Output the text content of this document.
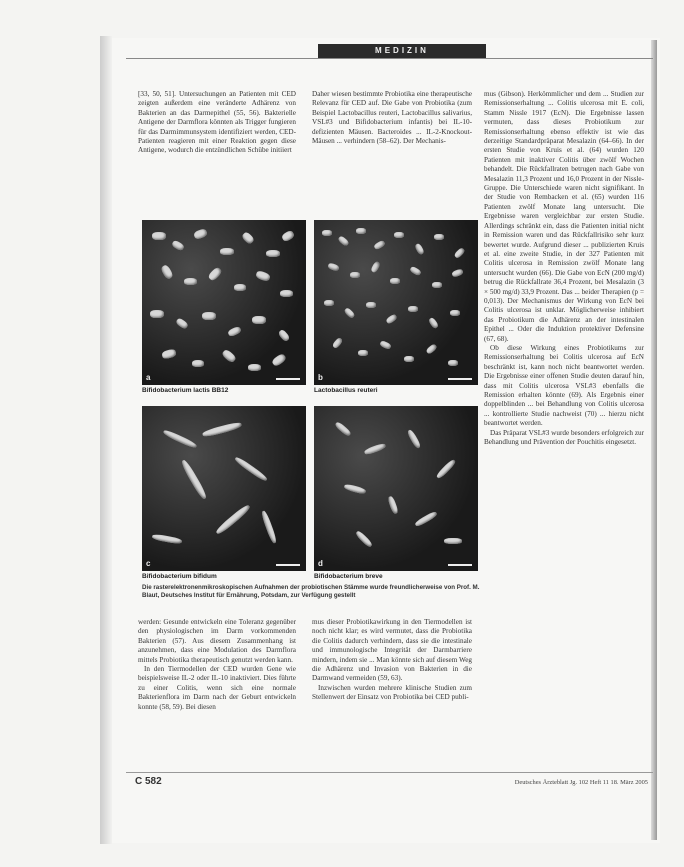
MEDIZIN

[33, 50, 51]. Untersuchungen an Patienten mit CED zeigten außerdem eine veränderte Adhärenz von Bakterien an das Darmepithel (55, 56). Bakterielle Antigene der Darmflora könnten als Trigger fungieren für das Darmimmunsystem identifiziert werden, CED-Patienten reagieren mit einer Reaktion gegen diese Antigene, wodurch die entzündlichen Schübe initiiert

Daher wiesen bestimmte Probiotika eine therapeutische Relevanz für CED auf. Die Gabe von Probiotika (zum Beispiel Lactobacillus reuteri, Lactobacillus salivarius, VSL#3 und Bifidobacterium infantis) bei IL-10-defizienten Mäusen. Bacteroides ... IL-2-Knockout-Mäusen ... verhindern (58–62). Der Mechanis-

mus (Gibson). Herkömmlicher und dem ... Studien zur Remissionserhaltung ... Colitis ulcerosa mit E. coli, Stamm Nissle 1917 (EcN). Die Ergebnisse lassen vermuten, dass dieses Probiotikum zur Remissionserhaltung ebenso effektiv ist wie das derzeitige Standardpräparat Mesalazin (64–66). In der ersten Studie von Kruis et al. (64) wurden 120 Patienten mit inaktiver Colitis über zwölf Wochen behandelt. Die Rückfallraten betrugen nach Gabe von Mesalazin 11,3 Prozent und 16,0 Prozent in der Nissle-Gruppe. Die Unterschiede waren nicht signifikant. In der Studie von Rembacken et al. (65) wurden 116 Patienten zwölf Monate lang untersucht. Die Ergebnisse waren vergleichbar zur ersten Studie. Allerdings schränkt ein, dass die Patienten initial nicht in Remission waren und das Rückfallrisiko sehr kurz bewertet wurde. Aufgrund dieser ... publizierten Kruis et al. eine zweite Studie, in der 327 Patienten mit Colitis ulcerosa in Remission zwölf Monate lang untersucht wurden (66). Die Gabe von EcN (200 mg/d) betrug die Rückfallrate 36,4 Prozent, bei Mesalazin (3 × 500 mg/d) 33,9 Prozent. Das ... beider Therapien (p = 0,013). Der Mechanismus der Wirkung von EcN bei Colitis ulcerosa ist unklar. Möglicherweise inhibiert das Probiotikum die Adhärenz an der intestinalen Epithel ... Oder die Induktion protektiver Defensine (67, 68).

Ob diese Wirkung eines Probiotikums zur Remissionserhaltung bei Colitis ulcerosa auf EcN beschränkt ist, kann noch nicht beantwortet werden. Die Ergebnisse einer offenen Studie deuten darauf hin, dass mit Colitis ulcerosa VSL#3 ebenfalls die Remission erhalten könnte (69). Als Ergebnis einer doppelblinden ... bei Behandlung von Colitis ulcerosa ... kontrollierte Studie nachweist (70) ... hierzu nicht beantwortet werden.

Das Präparat VSL#3 wurde besonders erfolgreich zur Behandlung und Prävention der Pouchitis eingesetzt.

a
Bifidobacterium lactis BB12
b
Lactobacillus reuteri
c
Bifidobacterium bifidum
d
Bifidobacterium breve
Die rasterelektronenmikroskopischen Aufnahmen der probiotischen Stämme wurde freundlicherweise von Prof. M. Blaut, Deutsches Institut für Ernährung, Potsdam, zur Verfügung gestellt

werden: Gesunde entwickeln eine Toleranz gegenüber den physiologischen im Darm vorkommenden Bakterien (57). Aus diesem Zusammenhang ist anzunehmen, dass eine Modulation des Darmflora mittels Probiotika therapeutisch genutzt werden kann.

In den Tiermodellen der CED wurden Gene wie beispielsweise IL-2 oder IL-10 inaktiviert. Dies führte zu einer Colitis, wenn sich eine normale Bakterienflora im Darm nach der Geburt entwickeln konnte (58, 59). Bei diesen

mus dieser Probiotikawirkung in den Tiermodellen ist noch nicht klar; es wird vermutet, dass die Probiotika die Colitis dadurch verhindern, dass sie die intestinale und immunologische Integrität der Darmbarriere mindern, indem sie ... Man könnte sich auf diesem Weg die Adhärenz und Invasion von Bakterien in die Darmwand vermeiden (59, 63).

Inzwischen wurden mehrere klinische Studien zum Stellenwert der Einsatz von Probiotika bei CED publi-

C 582	Deutsches Ärzteblatt Jg. 102 Heft 11 18. März 2005
